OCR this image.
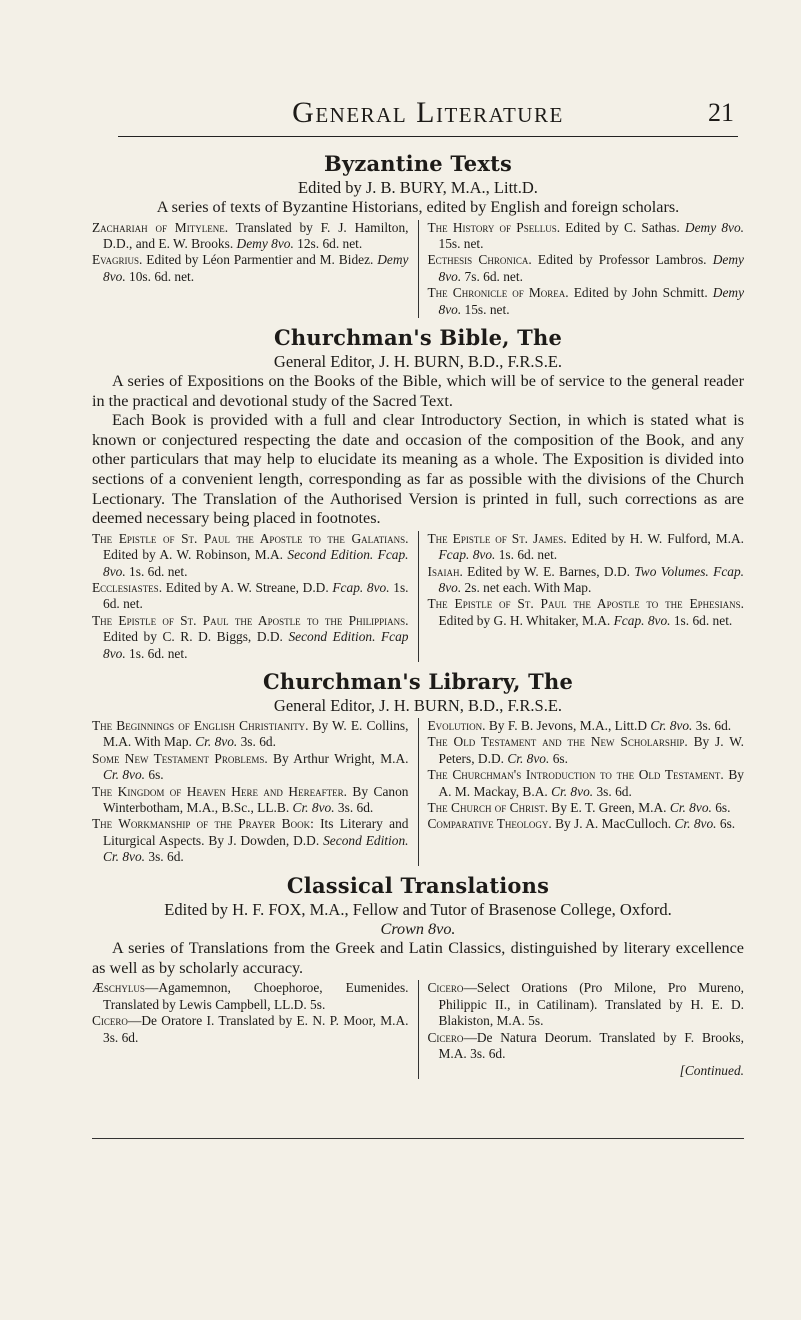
General Literature	21
Byzantine Texts

Edited by J. B. BURY, M.A., Litt.D.

A series of texts of Byzantine Historians, edited by English and foreign scholars.

Zachariah of Mitylene. Translated by F. J. Hamilton, D.D., and E. W. Brooks. Demy 8vo. 12s. 6d. net.

Evagrius. Edited by Léon Parmentier and M. Bidez. Demy 8vo. 10s. 6d. net.

The History of Psellus. Edited by C. Sathas. Demy 8vo. 15s. net.

Ecthesis Chronica. Edited by Professor Lambros. Demy 8vo. 7s. 6d. net.

The Chronicle of Morea. Edited by John Schmitt. Demy 8vo. 15s. net.

Churchman's Bible, The

General Editor, J. H. BURN, B.D., F.R.S.E.

A series of Expositions on the Books of the Bible, which will be of service to the general reader in the practical and devotional study of the Sacred Text.

Each Book is provided with a full and clear Introductory Section, in which is stated what is known or conjectured respecting the date and occasion of the composition of the Book, and any other particulars that may help to elucidate its meaning as a whole. The Exposition is divided into sections of a convenient length, corresponding as far as possible with the divisions of the Church Lectionary. The Translation of the Authorised Version is printed in full, such corrections as are deemed necessary being placed in footnotes.

The Epistle of St. Paul the Apostle to the Galatians. Edited by A. W. Robinson, M.A. Second Edition. Fcap. 8vo. 1s. 6d. net.

Ecclesiastes. Edited by A. W. Streane, D.D. Fcap. 8vo. 1s. 6d. net.

The Epistle of St. Paul the Apostle to the Philippians. Edited by C. R. D. Biggs, D.D. Second Edition. Fcap 8vo. 1s. 6d. net.

The Epistle of St. James. Edited by H. W. Fulford, M.A. Fcap. 8vo. 1s. 6d. net.

Isaiah. Edited by W. E. Barnes, D.D. Two Volumes. Fcap. 8vo. 2s. net each. With Map.

The Epistle of St. Paul the Apostle to the Ephesians. Edited by G. H. Whitaker, M.A. Fcap. 8vo. 1s. 6d. net.

Churchman's Library, The

General Editor, J. H. BURN, B.D., F.R.S.E.

The Beginnings of English Christianity. By W. E. Collins, M.A. With Map. Cr. 8vo. 3s. 6d.

Some New Testament Problems. By Arthur Wright, M.A. Cr. 8vo. 6s.

The Kingdom of Heaven Here and Hereafter. By Canon Winterbotham, M.A., B.Sc., LL.B. Cr. 8vo. 3s. 6d.

The Workmanship of the Prayer Book: Its Literary and Liturgical Aspects. By J. Dowden, D.D. Second Edition. Cr. 8vo. 3s. 6d.

Evolution. By F. B. Jevons, M.A., Litt.D Cr. 8vo. 3s. 6d.

The Old Testament and the New Scholarship. By J. W. Peters, D.D. Cr. 8vo. 6s.

The Churchman's Introduction to the Old Testament. By A. M. Mackay, B.A. Cr. 8vo. 3s. 6d.

The Church of Christ. By E. T. Green, M.A. Cr. 8vo. 6s.

Comparative Theology. By J. A. MacCulloch. Cr. 8vo. 6s.

Classical Translations

Edited by H. F. FOX, M.A., Fellow and Tutor of Brasenose College, Oxford.

Crown 8vo.

A series of Translations from the Greek and Latin Classics, distinguished by literary excellence as well as by scholarly accuracy.

Æschylus—Agamemnon, Choephoroe, Eumenides. Translated by Lewis Campbell, LL.D. 5s.

Cicero—De Oratore I. Translated by E. N. P. Moor, M.A. 3s. 6d.

Cicero—Select Orations (Pro Milone, Pro Mureno, Philippic II., in Catilinam). Translated by H. E. D. Blakiston, M.A. 5s.

Cicero—De Natura Deorum. Translated by F. Brooks, M.A. 3s. 6d.

[Continued.
